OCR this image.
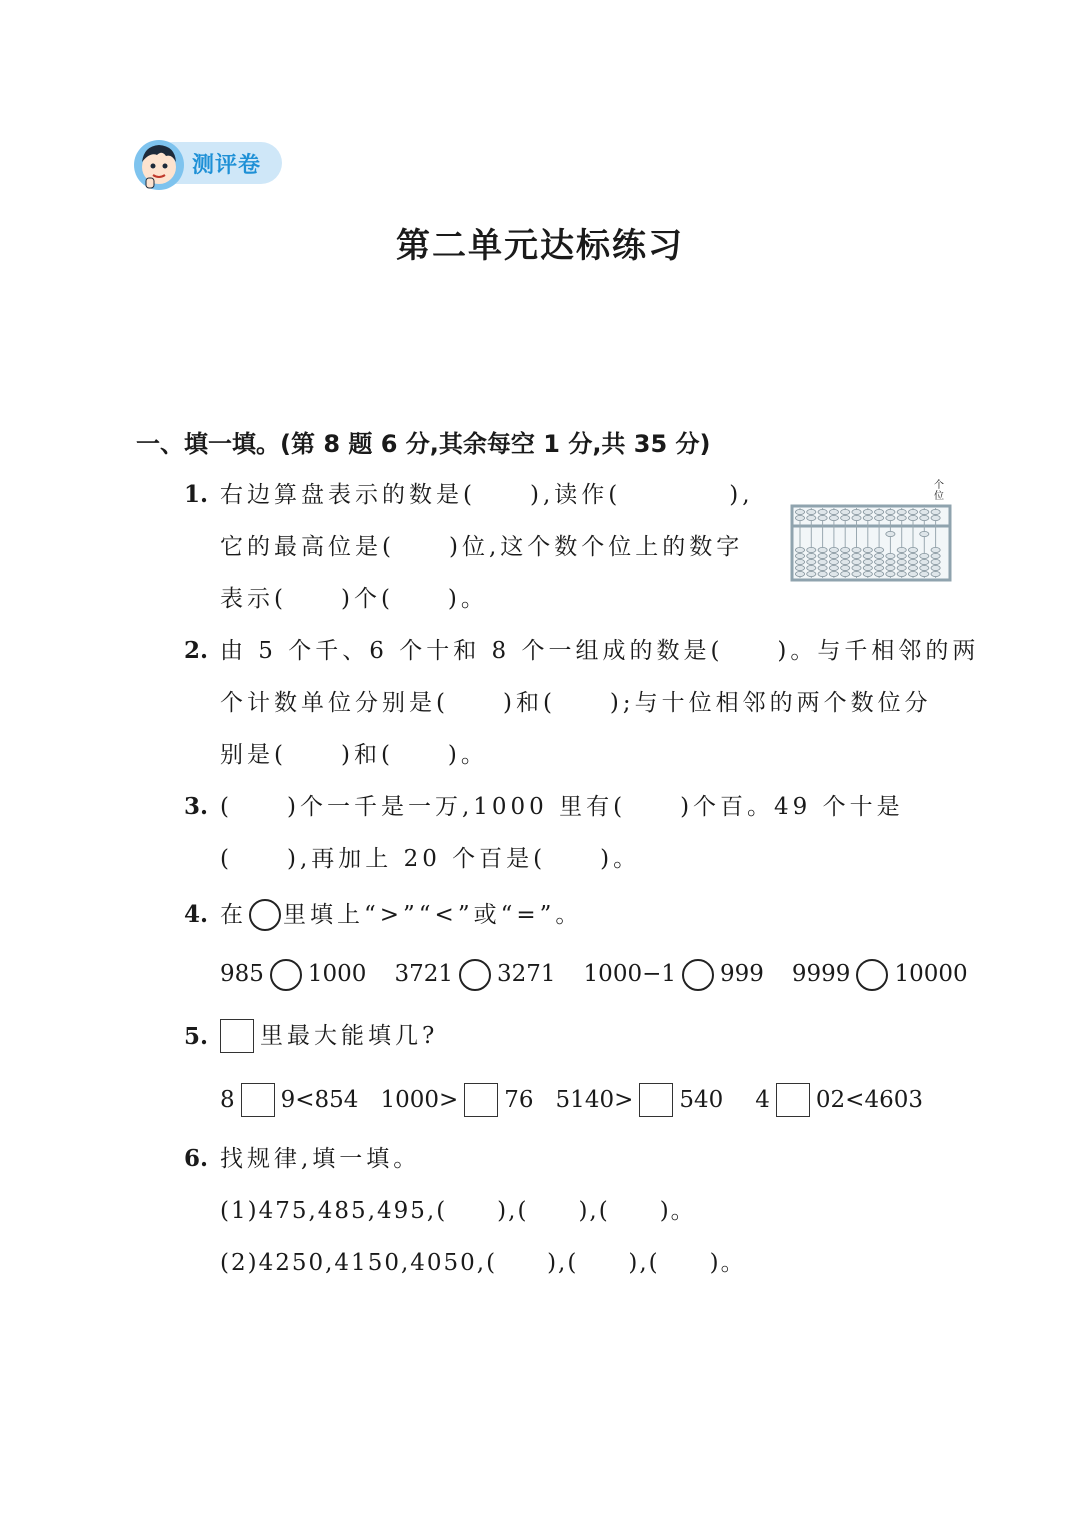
测评卷
第二单元达标练习
一、填一填。(第 8 题 6 分,其余每空 1 分,共 35 分)
1. 右边算盘表示的数是(　　),读作(　　　　),
它的最高位是(　　)位,这个数个位上的数字
表示(　　)个(　　)。
个
位
2. 由 5 个千、6 个十和 8 个一组成的数是(　　)。与千相邻的两
个计数单位分别是(　　)和(　　);与十位相邻的两个数位分
别是(　　)和(　　)。
3. (　　)个一千是一万,1000 里有(　　)个百。49 个十是
(　　),再加上 20 个百是(　　)。
4. 在 里填上“>”“<”或“=”。
985 1000 3721 3271 1000−1 999 9999 10000
5. 里最大能填几?
8 9<854 1000> 76 5140> 540 4 02<4603
6. 找规律,填一填。
(1)475,485,495,(　　),(　　),(　　)。
(2)4250,4150,4050,(　　),(　　),(　　)。
